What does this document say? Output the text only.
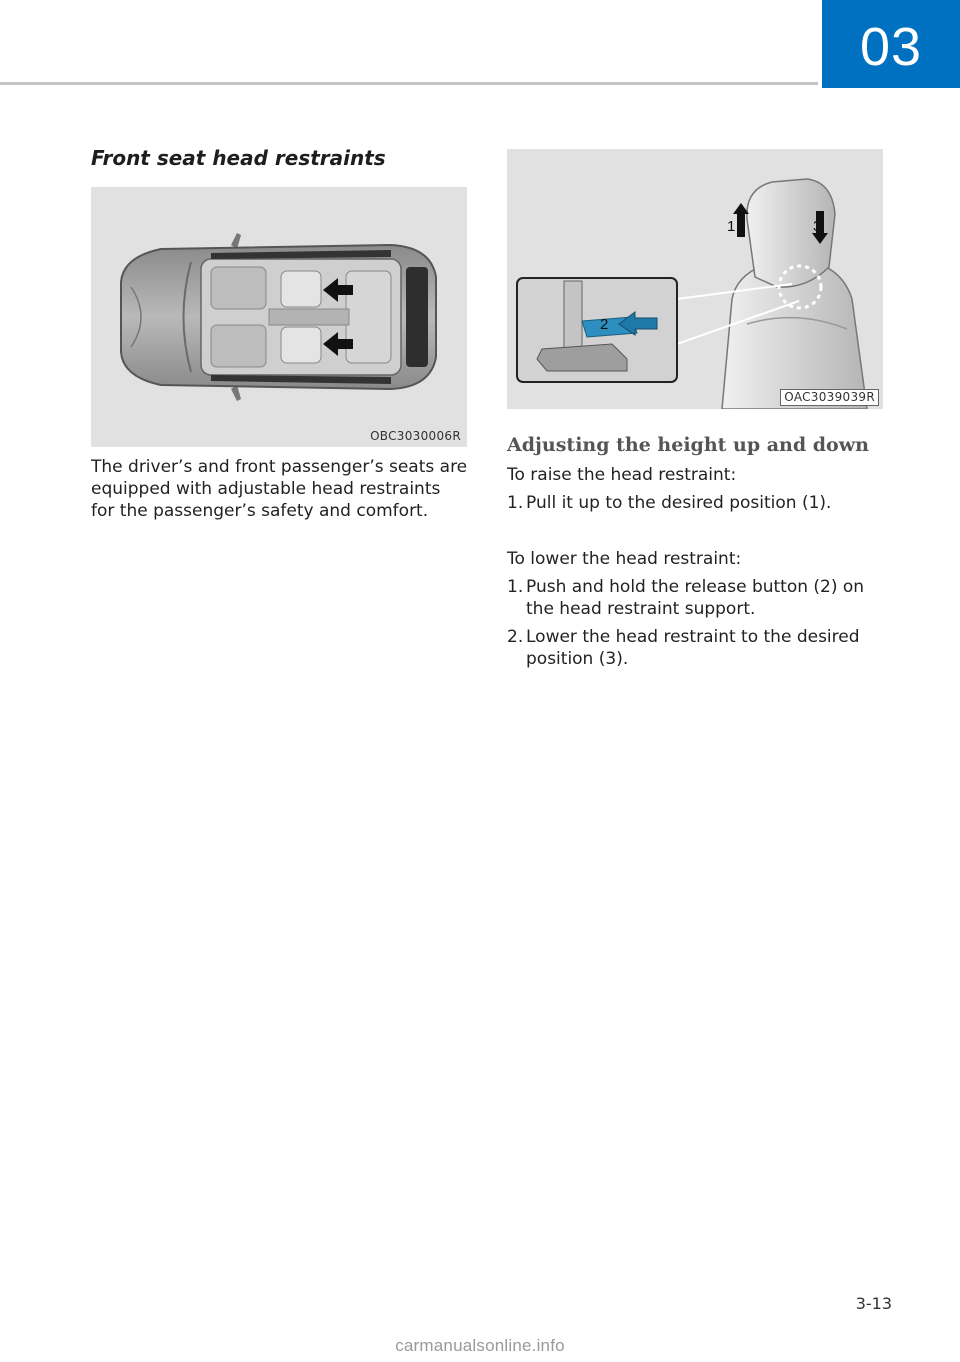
03
Front seat head restraints
OBC3030006R

The driver’s and front passenger’s seats are equipped with adjustable head restraints for the passenger’s safety and comfort.

1	3
2
OAC3039039R
Adjusting the height up and down

To raise the head restraint:

1. Pull it up to the desired position (1).

To lower the head restraint:

1. Push and hold the release button (2) on the head restraint support.
2. Lower the head restraint to the desired position (3).
3-13
carmanualsonline.info
